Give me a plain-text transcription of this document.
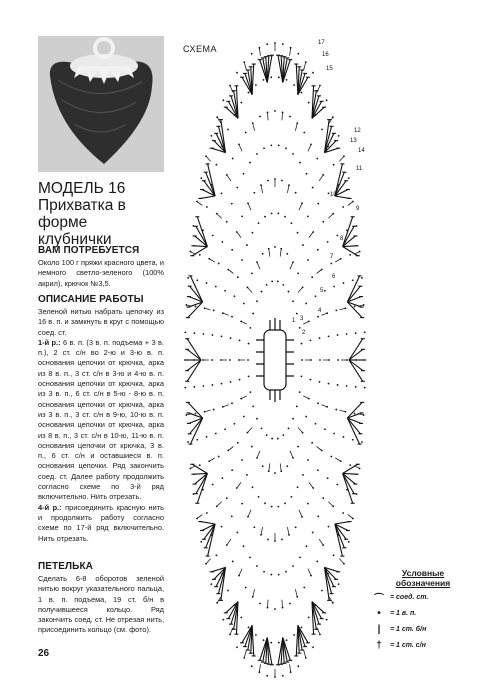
МОДЕЛЬ 16
Прихватка в
форме
клубнички
ВАМ ПОТРЕБУЕТСЯ

Около 100 г пряжи красного цвета, и немного светло-зеленого (100% акрил), крючок №3,5.

ОПИСАНИЕ РАБОТЫ

Зеленой нитью набрать цепочку из 16 в. п. и замкнуть в круг с помощью соед. ст.

1-й р.: 6 в. п. (3 в. п. подъема + 3 в. п.), 2 ст. с/н во 2-ю и 3-ю в. п. основания цепочки от крючка, арка из 8 в. п., 3 ст. с/н в 3-ю и 4-ю в. п. основания цепочки от крючка, арка из 3 в. п., 6 ст. с/н в 5-ю - 8-ю в. п. основания цепочки от крючка, арка из 3 в. п., 3 ст. с/н в 9-ю, 10-ю в. п. основания цепочки от крючка, арка из 8 в. п., 3 ст. с/н в 10-ю, 11-ю в. п. основания цепочки от крючка, 3 в. п., 6 ст. с/н и оставшиеся в. п. основания цепочки. Ряд закончить соед. ст. Далее работу продолжить согласно схеме по 3-й ряд включительно. Нить отрезать.

4-й р.: присоединить красную нить и продолжить работу согласно схеме по 17-й ряд включительно. Нить отрезать.

ПЕТЕЛЬКА

Сделать 6-8 оборотов зеленой нитью вокруг указательного пальца, 1 в. п. подъема, 19 ст. б/н в получившееся кольцо. Ряд закончить соед. ст. Не отрезая нить, присоединить кольцо (см. фото).

26
СХЕМА
17
16
15
12
13
14
11
10
9
8
7
6
5
4
3
2
1
Условные
обозначения
⌒ = соед. ст.
•	= 1 в. п.
|	= 1 ст. б/н
†	= 1 ст. с/н
